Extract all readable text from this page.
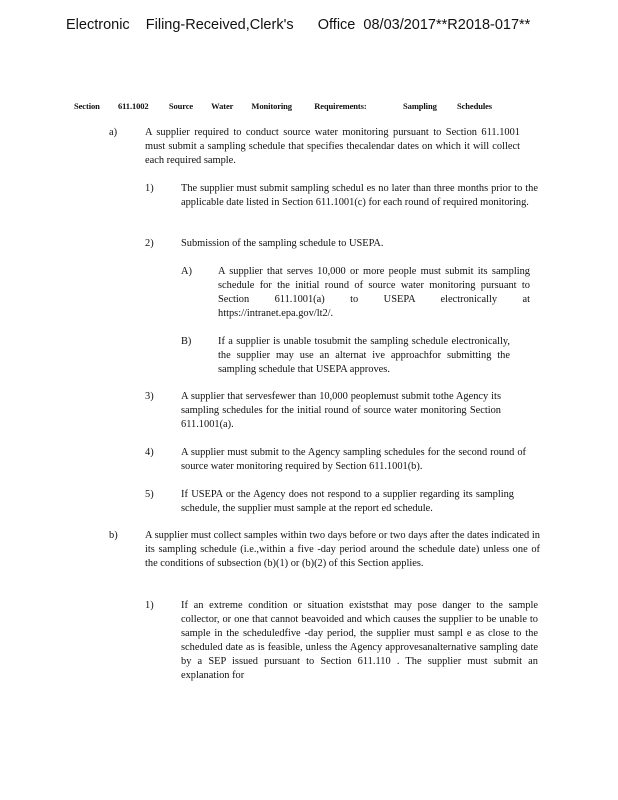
Electronic    Filing-Received,Clerk's      Office  08/03/2017**R2018-017**
Section         611.1002          Source         Water         Monitoring           Requirements:                  Sampling          Schedules
a)	A supplier required to conduct source water monitoring pursuant to Section 611.1001 must submit a sampling schedule that specifies thecalendar dates on which it will collect each required sample.
1)	The supplier must submit sampling schedul es no later than three months prior to the applicable date listed in Section 611.1001(c) for each round of required monitoring.
2)	Submission of the sampling schedule to USEPA.
A)	A supplier that serves 10,000 or more people must submit its sampling schedule for the initial round of source water monitoring pursuant to Section 611.1001(a) to USEPA electronically at https://intranet.epa.gov/lt2/.
B)	If a supplier is unable tosubmit the sampling schedule electronically, the supplier may use an alternat ive approachfor submitting the sampling schedule that USEPA approves.
3)	A supplier that servesfewer than 10,000 peoplemust submit tothe Agency its sampling schedules for the initial round of source water monitoring Section 611.1001(a).
4)	A supplier must submit to the Agency sampling schedules for the second round of source water monitoring required by Section 611.1001(b).
5)	If USEPA or the Agency does not respond to a supplier regarding its sampling schedule, the supplier must sample at the report ed schedule.
b)	A supplier must collect samples within two days before or two days after the dates indicated in its sampling schedule (i.e.,within a five -day period around the schedule date) unless one of the conditions of subsection (b)(1) or (b)(2) of this Section applies.
1)	If an extreme condition or situation existsthat may pose danger to the sample collector, or one that cannot beavoided and which causes the supplier to be unable to sample in the scheduledfive -day period, the supplier must sampl e as close to the scheduled date as is feasible, unless the Agency approvesanalternative sampling date by a SEP issued pursuant to Section 611.110 . The supplier must submit an explanation for
